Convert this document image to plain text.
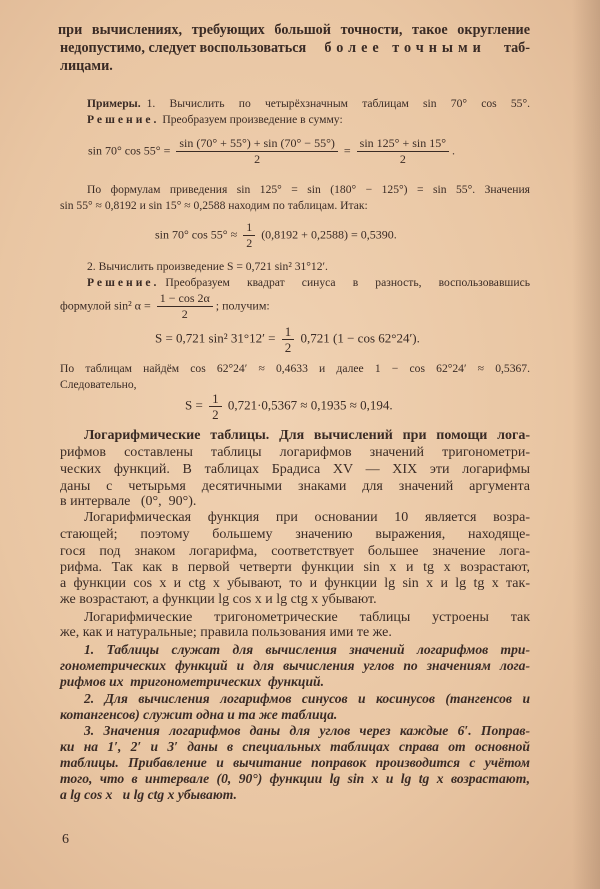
при вычислениях, требующих большой точности, такое округление
недопустимо, следует воспользоваться более точными таб-
лицами.
Примеры. 1. Вычислить по четырёхзначным таблицам sin 70° cos 55°.
Решение. Преобразуем произведение в сумму:
sin 70° $\cos 55^\circ = \frac{\sin (70^\circ + 55^\circ) + \sin (70^\circ - 55^\circ)}{2} = \frac{\sin 125^\circ + \sin 15^\circ}{2}$ .
По формулам приведения sin 125° = sin (180° − 125°) = sin 55°. Значения
sin 55° ≈ 0,8192 и sin 15° ≈ 0,2588 находим по таблицам. Итак:
sin 70° $\cos 55^\circ \approx \frac{1}{2} (0,8192 + 0,2588) = 0,5390$.
2. Вычислить произведение S = 0,721 sin² 31°12′.
Решение. Преобразуем квадрат синуса в разность, воспользовавшись
формулой sin² $\alpha = \frac{1 - \cos 2\alpha}{2}$ ; получим:
S = 0,721 sin² $31^\circ 12' = \frac{1}{2} 0,721$ (1 − cos 62°24′).
По таблицам найдём cos 62°24′ ≈ 0,4633 и далее 1 − cos 62°24′ ≈ 0,5367.
Следовательно,
$S = \frac{1}{2} 0,721\cdot 0,5367 \approx 0,1935 \approx 0,194$.
Логарифмические таблицы. Для вычислений при помощи лога-
рифмов составлены таблицы логарифмов значений тригонометри-
ческих функций. В таблицах Брадиса XV — XIX эти логарифмы
даны с четырьмя десятичными знаками для значений аргумента
в интервале   (0°,  90°).
Логарифмическая функция при основании 10 является возра-
стающей; поэтому большему значению выражения, находяще-
гося под знаком логарифма, соответствует большее значение лога-
рифма. Так как в первой четверти функции sin x и tg x возрастают,
а функции cos x и ctg x убывают, то и функции lg sin x и lg tg x так-
же возрастают, а функции lg cos x и lg ctg x убывают.
Логарифмические тригонометрические таблицы устроены так
же, как и натуральные; правила пользования ими те же.
1. Таблицы служат для вычисления значений логарифмов три-
гонометрических функций и для вычисления углов по значениям лога-
рифмов их  тригонометрических  функций.
2. Для вычисления логарифмов синусов и косинусов (тангенсов и
котангенсов) служит одна и та же таблица.
3. Значения логарифмов даны для углов через каждые 6′. Поправ-
ки на 1′, 2′ и 3′ даны в специальных таблицах справа от основной
таблицы. Прибавление и вычитание поправок производится с учётом
того, что в интервале (0, 90°) функции lg sin x и lg tg x возрастают,
а lg cos x   и lg ctg x убывают.
6
